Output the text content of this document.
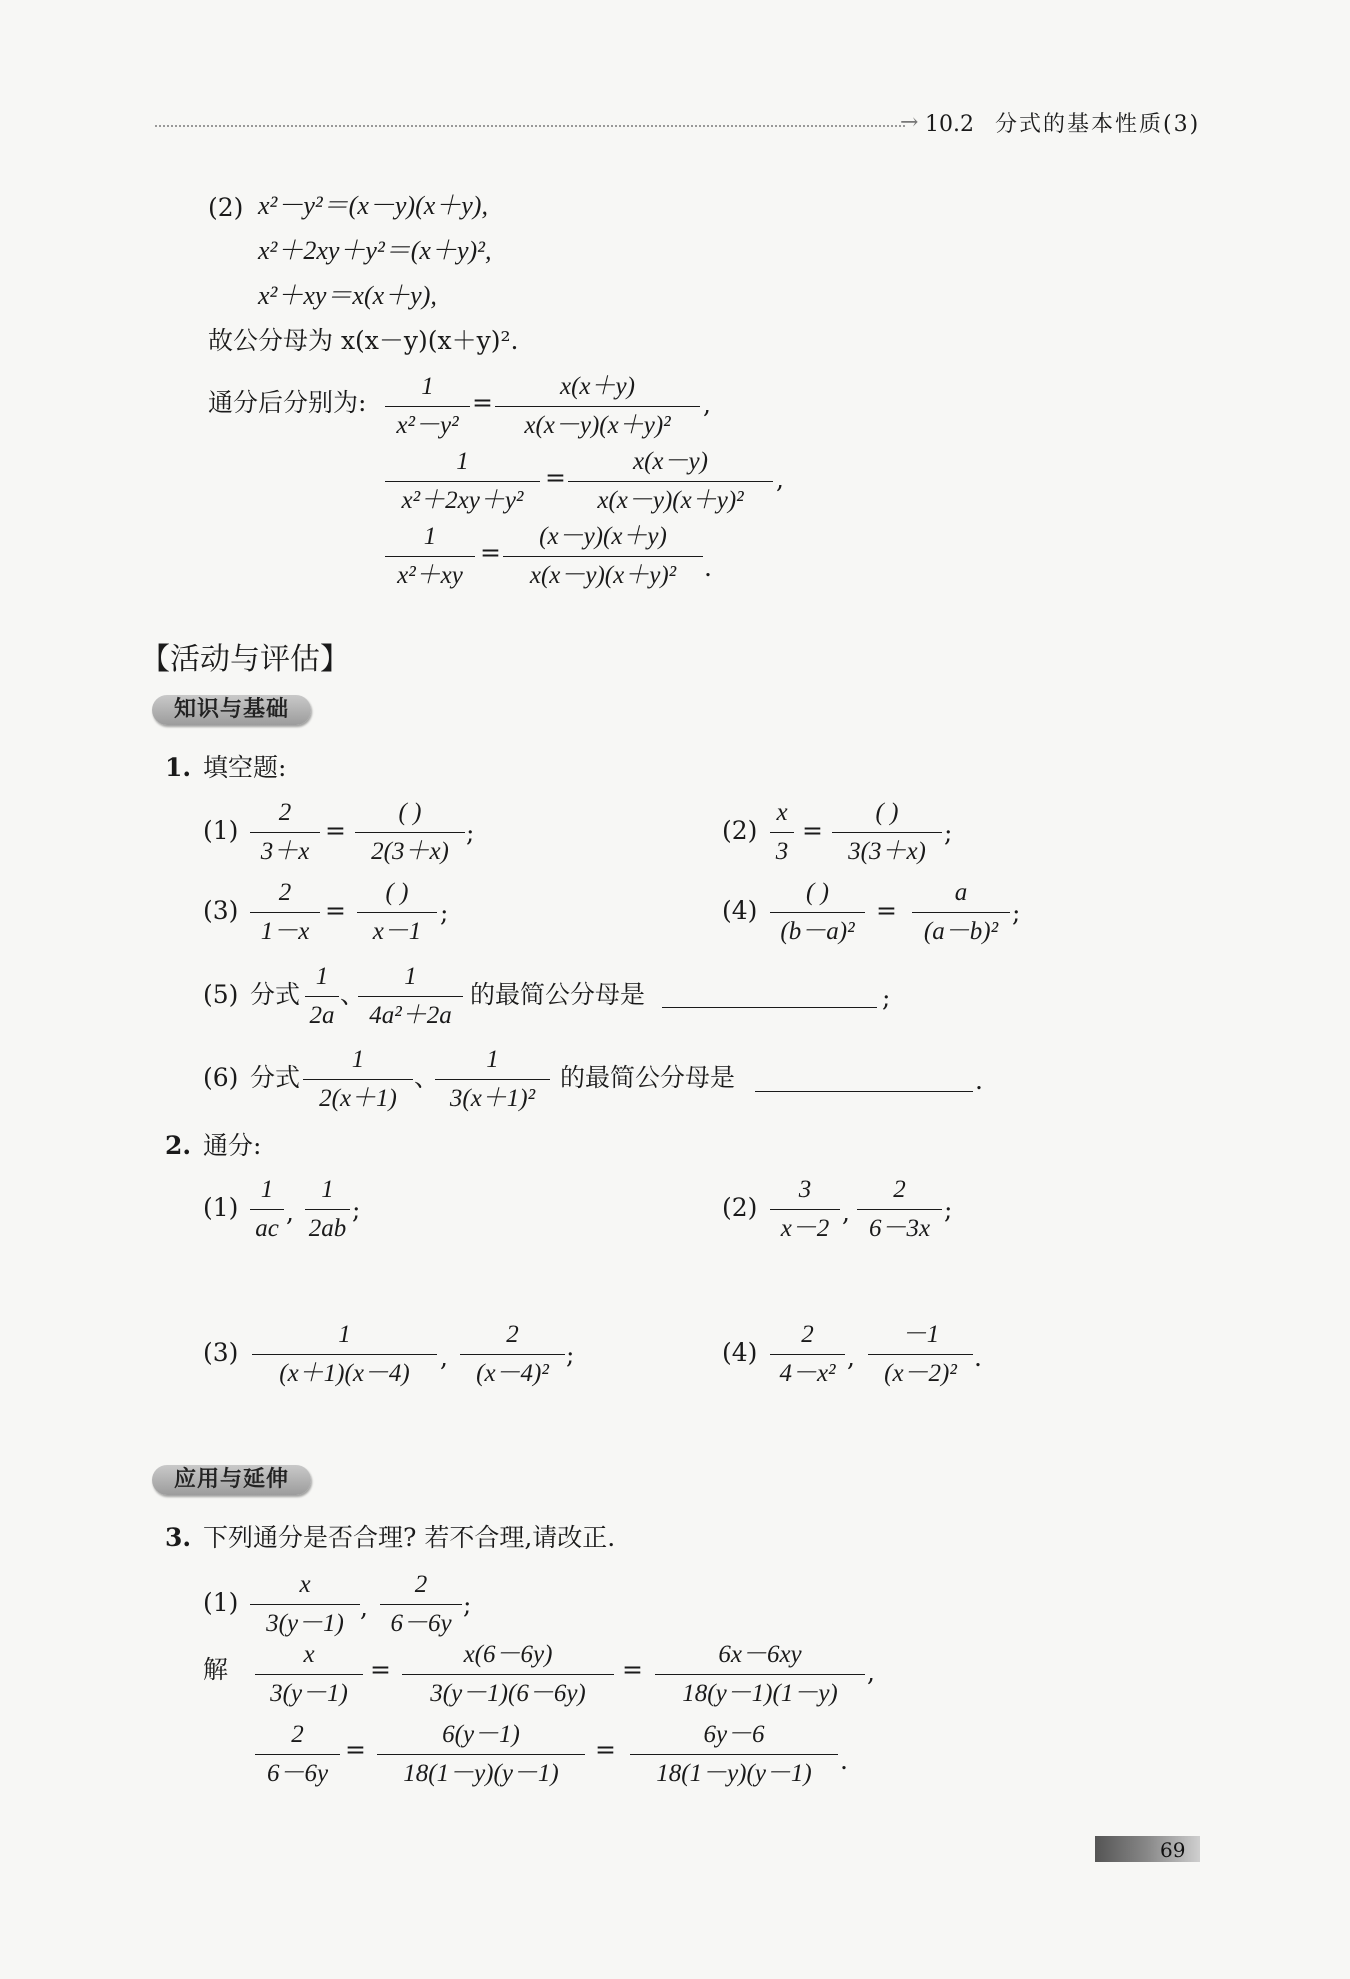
→ 10.2 分式的基本性质(3)
(2) x²－y²＝(x－y)(x＋y),
x²＋2xy＋y²＝(x＋y)²,
x²＋xy＝x(x＋y),
故公分母为 x(x－y)(x＋y)².
通分后分别为:
1
x²－y²
=
x(x＋y)
x(x－y)(x＋y)²
,
1
x²＋2xy＋y²
=
x(x－y)
x(x－y)(x＋y)²
,
1
x²＋xy
=
(x－y)(x＋y)
x(x－y)(x＋y)²	.
【活动与评估】
知识与基础
1. 填空题:
(1)
2
3＋x
=
( )
2(3＋x)
;	(2)
x
3
=
( )
3(3＋x)
;
(3)
2
1－x
=
( )
x－1
;	(4)
( )
(b－a)²
=
a
(a－b)²
;
(5) 分式
1
2a
、
1
4a²＋2a
的最简公分母是	;
(6) 分式
1
2(x＋1)
、
1
3(x＋1)²
的最简公分母是	.
2. 通分:
(1)
1
ac
,
1
2ab
;	(2)
3
x－2
,
2
6－3x
;
(3)
1
(x＋1)(x－4)
,
2
(x－4)²
;	(4)
2
4－x²
,
－1
(x－2)²
.
应用与延伸
3. 下列通分是否合理? 若不合理,请改正.
(1)
x
3(y－1)
,
2
6－6y
;
解
x
3(y－1)
=
x(6－6y)
3(y－1)(6－6y)
=
6x－6xy
18(y－1)(1－y)
,
2
6－6y
=
6(y－1)
18(1－y)(y－1)
=
6y－6
18(1－y)(y－1)	.
69
